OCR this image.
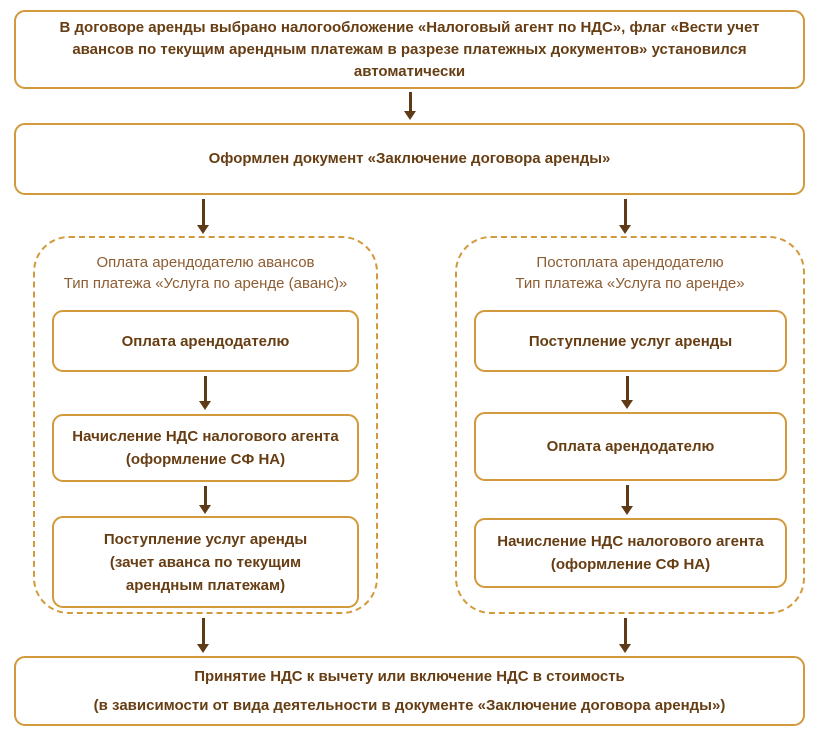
В договоре аренды выбрано налогообложение «Налоговый агент по НДС», флаг «Вести учет авансов по текущим арендным платежам в разрезе платежных документов» установился автоматически
Оформлен документ «Заключение договора аренды»
Оплата арендодателю авансов
Тип платежа «Услуга по аренде (аванс)»
Постоплата арендодателю
Тип платежа «Услуга по аренде»
Оплата арендодателю
Начисление НДС налогового агента (оформление СФ НА)
Поступление услуг аренды (зачет аванса по текущим арендным платежам)
Поступление услуг аренды
Оплата арендодателю
Начисление НДС налогового агента (оформление СФ НА)
Принятие НДС к вычету или включение НДС в стоимость
(в зависимости от вида деятельности в документе «Заключение договора аренды»)
